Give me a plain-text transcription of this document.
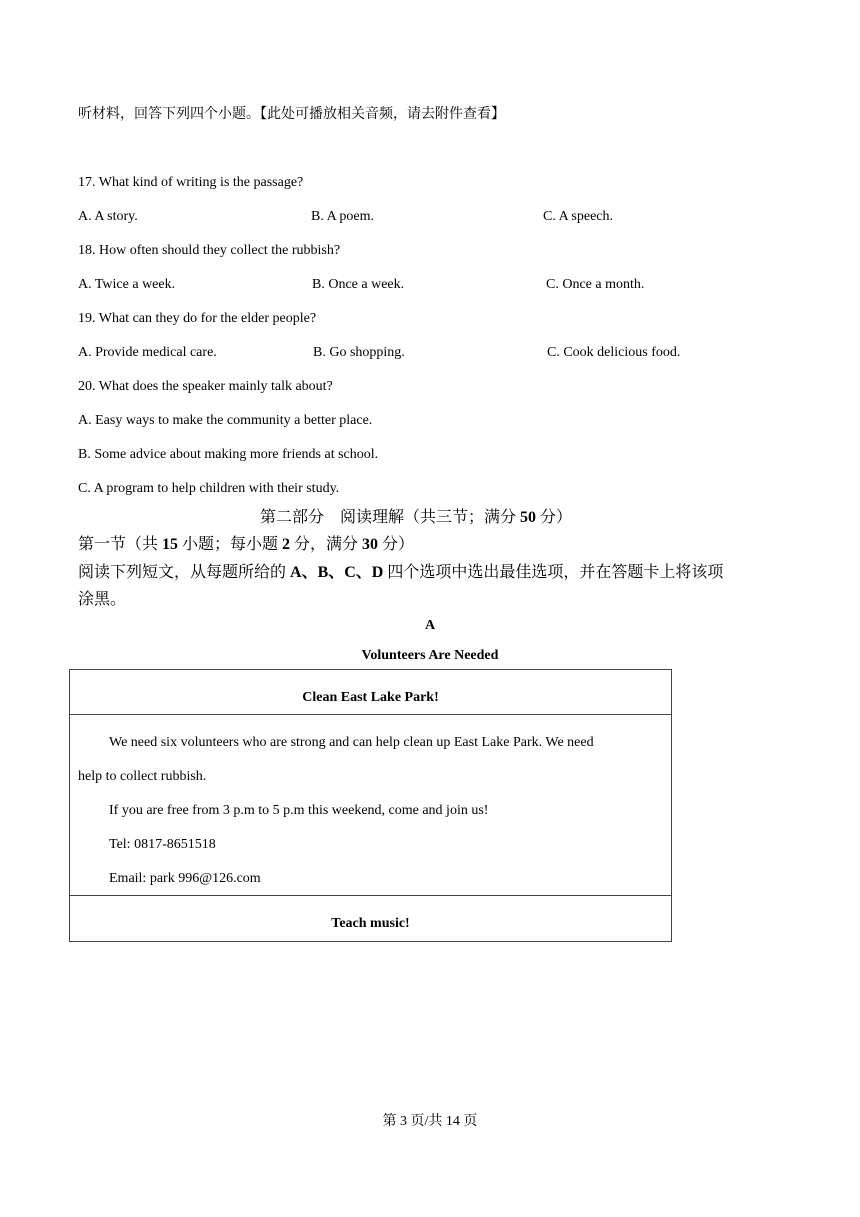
听材料，回答下列四个小题。【此处可播放相关音频，请去附件查看】
17. What kind of writing is the passage?
A. A story.	B. A poem.	C. A speech.
18. How often should they collect the rubbish?
A. Twice a week.	B. Once a week.	C. Once a month.
19. What can they do for the elder people?
A. Provide medical care.	B. Go shopping.	C. Cook delicious food.
20. What does the speaker mainly talk about?
A. Easy ways to make the community a better place.
B. Some advice about making more friends at school.
C. A program to help children with their study.
第二部分　阅读理解（共三节；满分 50 分）
第一节（共 15 小题；每小题 2 分，满分 30 分）
阅读下列短文，从每题所给的 A、B、C、D 四个选项中选出最佳选项，并在答题卡上将该项
涂黑。
A
Volunteers Are Needed
Clean East Lake Park!
We need six volunteers who are strong and can help clean up East Lake Park. We need
help to collect rubbish.
If you are free from 3 p.m to 5 p.m this weekend, come and join us!
Tel: 0817-8651518
Email: park 996@126.com
Teach music!
第 3 页/共 14 页
